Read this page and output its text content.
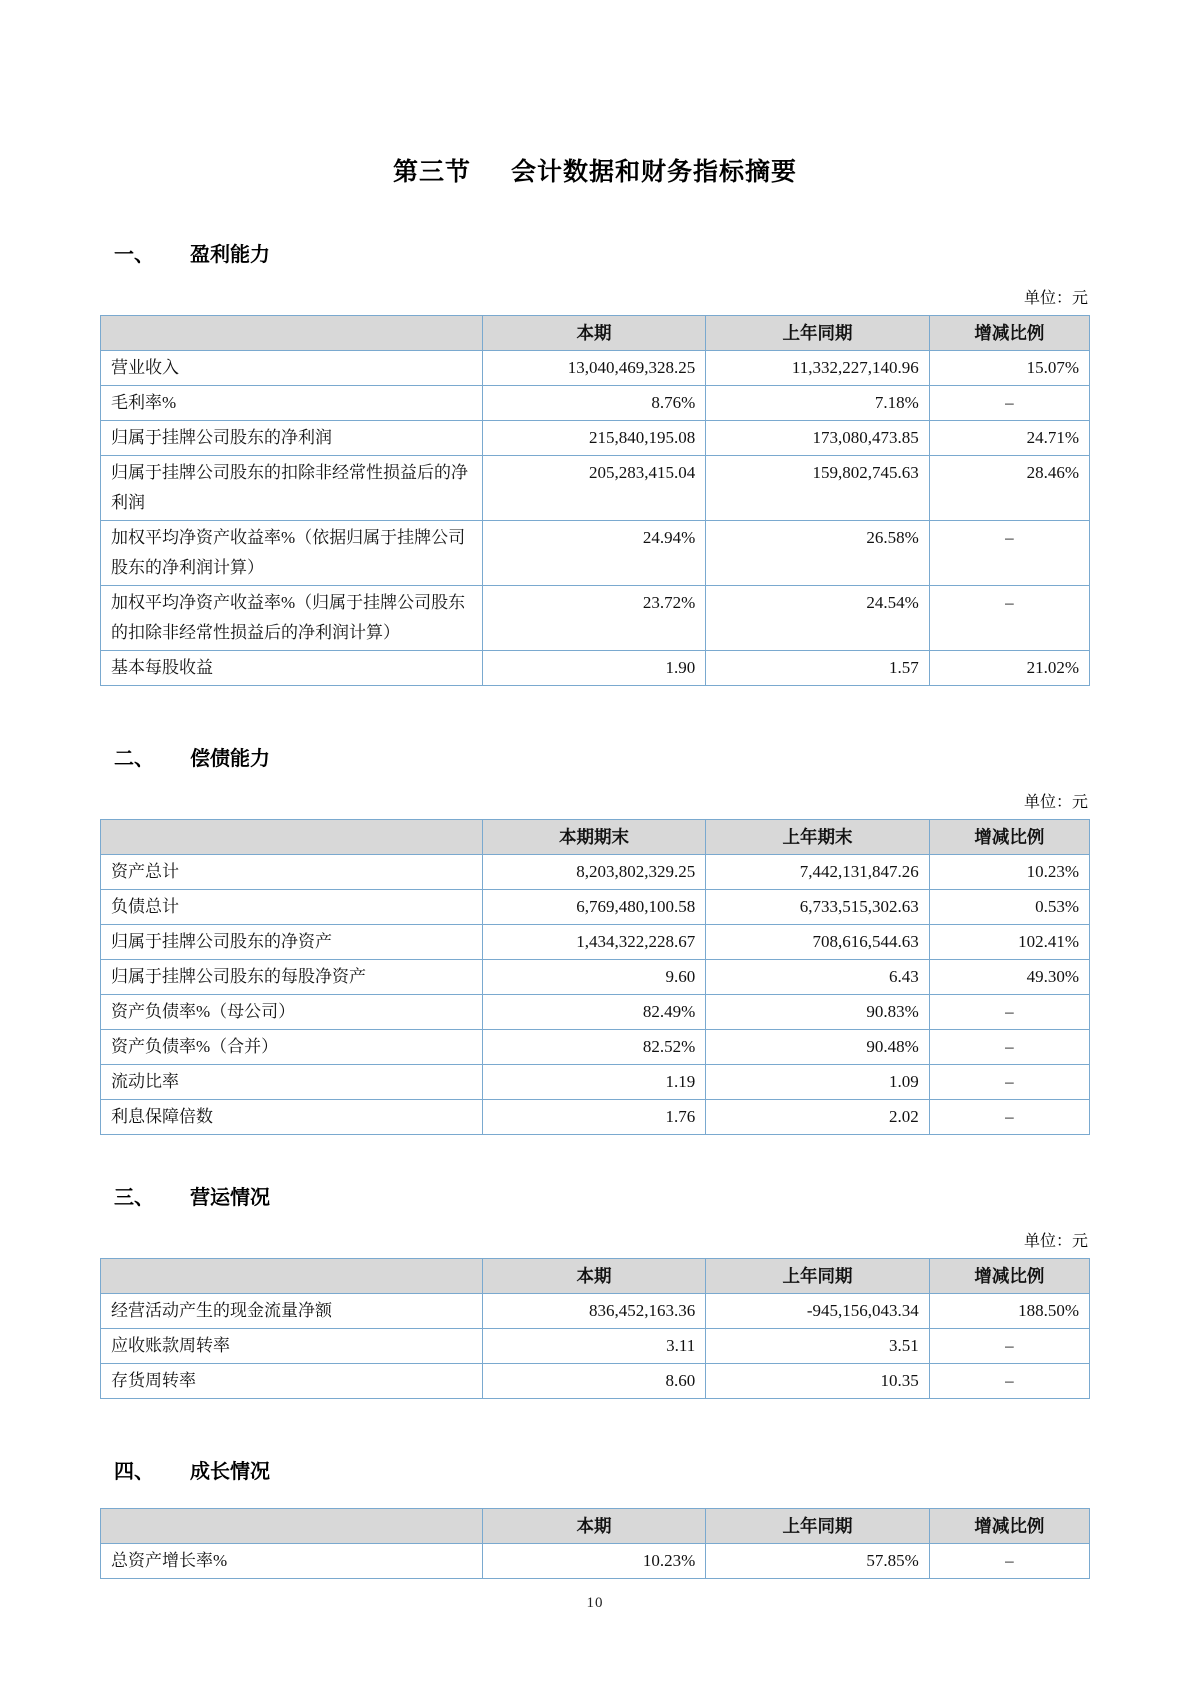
第三节 会计数据和财务指标摘要
一、 盈利能力
单位：元
	本期	上年同期	增减比例
营业收入	13,040,469,328.25	11,332,227,140.96	15.07%
毛利率%	8.76%	7.18%	–
归属于挂牌公司股东的净利润	215,840,195.08	173,080,473.85	24.71%
归属于挂牌公司股东的扣除非经常性损益后的净利润	205,283,415.04	159,802,745.63	28.46%
加权平均净资产收益率%（依据归属于挂牌公司股东的净利润计算）	24.94%	26.58%	–
加权平均净资产收益率%（归属于挂牌公司股东的扣除非经常性损益后的净利润计算）	23.72%	24.54%	–
基本每股收益	1.90	1.57	21.02%
二、 偿债能力
单位：元
	本期期末	上年期末	增减比例
资产总计	8,203,802,329.25	7,442,131,847.26	10.23%
负债总计	6,769,480,100.58	6,733,515,302.63	0.53%
归属于挂牌公司股东的净资产	1,434,322,228.67	708,616,544.63	102.41%
归属于挂牌公司股东的每股净资产	9.60	6.43	49.30%
资产负债率%（母公司）	82.49%	90.83%	–
资产负债率%（合并）	82.52%	90.48%	–
流动比率	1.19	1.09	–
利息保障倍数	1.76	2.02	–
三、 营运情况
单位：元
	本期	上年同期	增减比例
经营活动产生的现金流量净额	836,452,163.36	-945,156,043.34	188.50%
应收账款周转率	3.11	3.51	–
存货周转率	8.60	10.35	–
四、 成长情况
	本期	上年同期	增减比例
总资产增长率%	10.23%	57.85%	–
10
